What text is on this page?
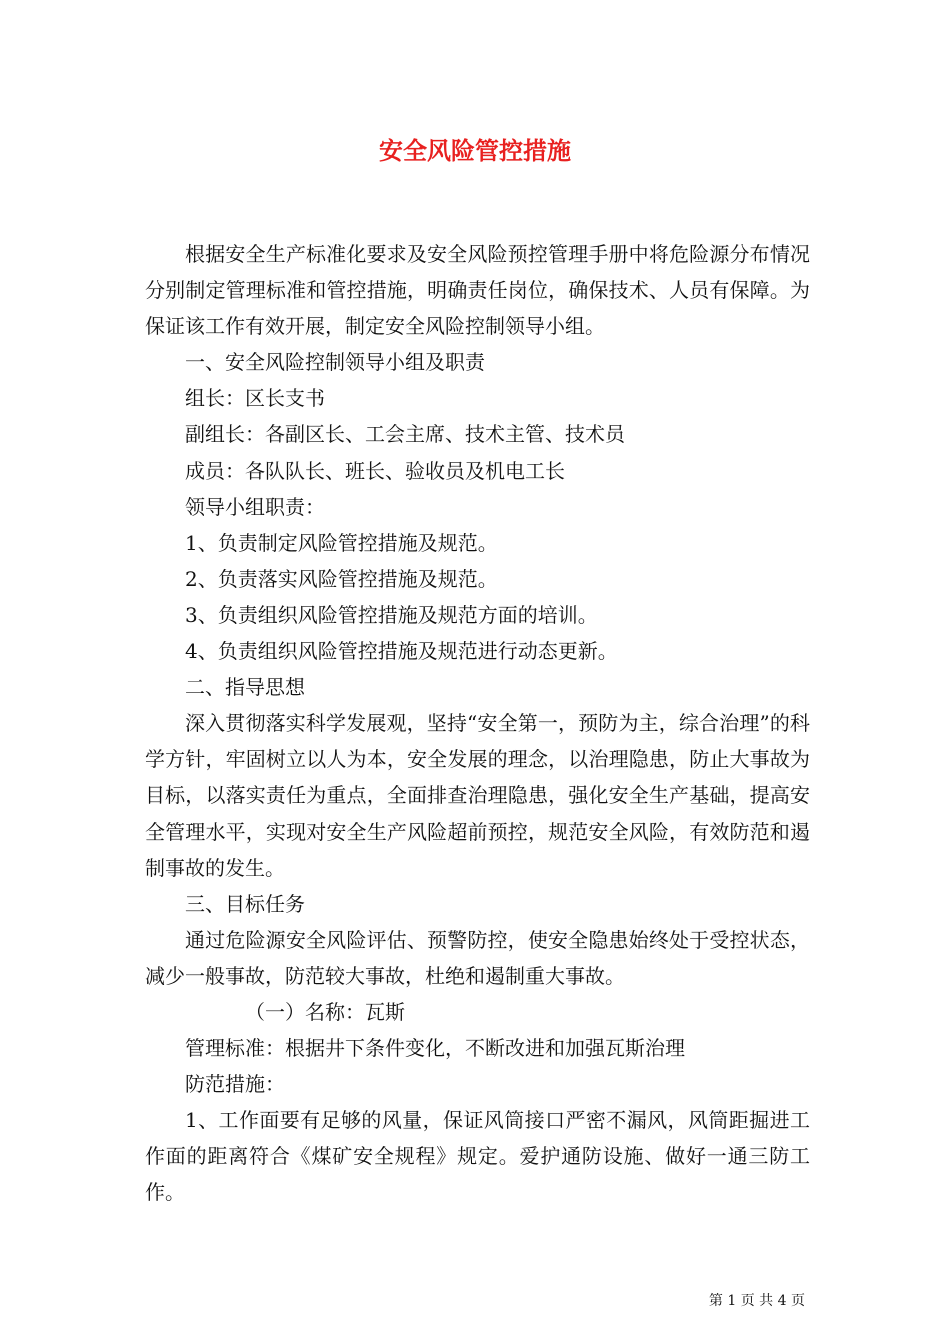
安全风险管控措施

根据安全生产标准化要求及安全风险预控管理手册中将危险源分布情况分别制定管理标准和管控措施，明确责任岗位，确保技术、人员有保障。为保证该工作有效开展，制定安全风险控制领导小组。

一、安全风险控制领导小组及职责

组长：区长支书

副组长：各副区长、工会主席、技术主管、技术员

成员：各队队长、班长、验收员及机电工长

领导小组职责：

1、负责制定风险管控措施及规范。

2、负责落实风险管控措施及规范。

3、负责组织风险管控措施及规范方面的培训。

4、负责组织风险管控措施及规范进行动态更新。

二、指导思想

深入贯彻落实科学发展观，坚持“安全第一，预防为主，综合治理”的科学方针，牢固树立以人为本，安全发展的理念，以治理隐患，防止大事故为目标，以落实责任为重点，全面排查治理隐患，强化安全生产基础，提高安全管理水平，实现对安全生产风险超前预控，规范安全风险，有效防范和遏制事故的发生。

三、目标任务

通过危险源安全风险评估、预警防控，使安全隐患始终处于受控状态，减少一般事故，防范较大事故，杜绝和遏制重大事故。

（一）名称：瓦斯

管理标准：根据井下条件变化，不断改进和加强瓦斯治理

防范措施：

1、工作面要有足够的风量，保证风筒接口严密不漏风，风筒距掘进工作面的距离符合《煤矿安全规程》规定。爱护通防设施、做好一通三防工作。

第 1 页 共 4 页
